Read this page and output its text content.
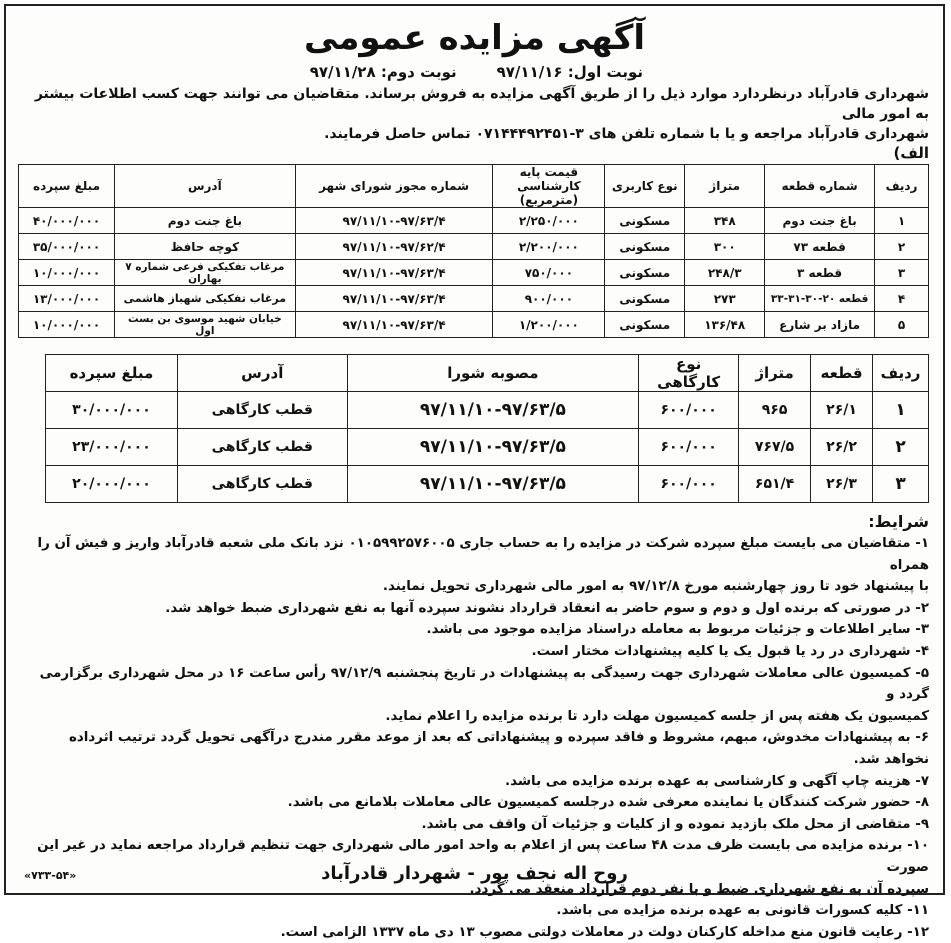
آگهی مزایده عمومی
نوبت اول: ۹۷/۱۱/۱۶
نوبت دوم: ۹۷/۱۱/۲۸
شهرداری قادرآباد درنظردارد موارد ذیل را از طریق آگهی مزایده به فروش برساند. متقاضیان می توانند جهت کسب اطلاعات بیشتر به امور مالی
شهرداری قادرآباد مراجعه و یا با شماره تلفن های ۳-۰۷۱۴۴۴۹۲۴۵۱ تماس حاصل فرمایند.
الف)
ردیف	شماره قطعه	متراژ	نوع کاربری	قیمت پایه کارشناسی (مترمربع)	شماره مجوز شورای شهر	آدرس	مبلغ سپرده
۱	باغ جنت دوم	۳۴۸	مسکونی	۲/۲۵۰/۰۰۰	۹۷/۱۱/۱۰-۹۷/۶۳/۴	باغ جنت دوم	۴۰/۰۰۰/۰۰۰
۲	قطعه ۷۳	۳۰۰	مسکونی	۲/۲۰۰/۰۰۰	۹۷/۱۱/۱۰-۹۷/۶۲/۴	کوچه حافظ	۳۵/۰۰۰/۰۰۰
۳	قطعه ۳	۲۴۸/۳	مسکونی	۷۵۰/۰۰۰	۹۷/۱۱/۱۰-۹۷/۶۳/۴	مرغاب تفکیکی فرعی شماره ۷ بهاران	۱۰/۰۰۰/۰۰۰
۴	قطعه ۲۰-۳۰-۳۱-۳۳	۲۷۳	مسکونی	۹۰۰/۰۰۰	۹۷/۱۱/۱۰-۹۷/۶۳/۴	مرغاب تفکیکی شهباز هاشمی	۱۳/۰۰۰/۰۰۰
۵	مازاد بر شارع	۱۳۶/۴۸	مسکونی	۱/۲۰۰/۰۰۰	۹۷/۱۱/۱۰-۹۷/۶۳/۴	خیابان شهید موسوی بن بست اول	۱۰/۰۰۰/۰۰۰
ردیف	قطعه	متراژ	نوع کارگاهی	مصوبه شورا	آدرس	مبلغ سپرده
۱	۲۶/۱	۹۶۵	۶۰۰/۰۰۰	۹۷/۱۱/۱۰-۹۷/۶۳/۵	قطب کارگاهی	۳۰/۰۰۰/۰۰۰
۲	۲۶/۲	۷۶۷/۵	۶۰۰/۰۰۰	۹۷/۱۱/۱۰-۹۷/۶۳/۵	قطب کارگاهی	۲۳/۰۰۰/۰۰۰
۳	۲۶/۳	۶۵۱/۴	۶۰۰/۰۰۰	۹۷/۱۱/۱۰-۹۷/۶۳/۵	قطب کارگاهی	۲۰/۰۰۰/۰۰۰
شرایط:
۱- متقاضیان می بایست مبلغ سپرده شرکت در مزایده را به حساب جاری ۰۱۰۵۹۹۲۵۷۶۰۰۵ نزد بانک ملی شعبه قادرآباد واریز و فیش آن را همراه
با پیشنهاد خود تا روز چهارشنبه مورخ ۹۷/۱۲/۸ به امور مالی شهرداری تحویل نمایند.
۲- در صورتی که برنده اول و دوم و سوم حاضر به انعقاد قرارداد نشوند سپرده آنها به نفع شهرداری ضبط خواهد شد.
۳- سایر اطلاعات و جزئیات مربوط به معامله دراسناد مزایده موجود می باشد.
۴- شهرداری در رد یا قبول یک یا کلیه پیشنهادات مختار است.
۵- کمیسیون عالی معاملات شهرداری جهت رسیدگی به پیشنهادات در تاریخ پنجشنبه ۹۷/۱۲/۹ رأس ساعت ۱۶ در محل شهرداری برگزارمی گردد و
کمیسیون یک هفته پس از جلسه کمیسیون مهلت دارد تا برنده مزایده را اعلام نماید.
۶- به پیشنهادات مخدوش، مبهم، مشروط و فاقد سپرده و پیشنهاداتی که بعد از موعد مقرر مندرج درآگهی تحویل گردد ترتیب اثرداده نخواهد شد.
۷- هزینه چاپ آگهی و کارشناسی به عهده برنده مزایده می باشد.
۸- حضور شرکت کنندگان یا نماینده معرفی شده درجلسه کمیسیون عالی معاملات بلامانع می باشد.
۹- متقاضی از محل ملک بازدید نموده و از کلیات و جزئیات آن واقف می باشد.
۱۰- برنده مزایده می بایست ظرف مدت ۴۸ ساعت پس از اعلام به واحد امور مالی شهرداری جهت تنظیم قرارداد مراجعه نماید در غیر این صورت
سپرده آن به نفع شهرداری ضبط و با نفر دوم قرارداد منعقد می گردد.
۱۱- کلیه کسورات قانونی به عهده برنده مزایده می باشد.
۱۲- رعایت قانون منع مداخله کارکنان دولت در معاملات دولتی مصوب ۱۳ دی ماه ۱۳۳۷ الزامی است.
روح اله نجف پور - شهردار قادرآباد
«۷۳۳-۵۴»
